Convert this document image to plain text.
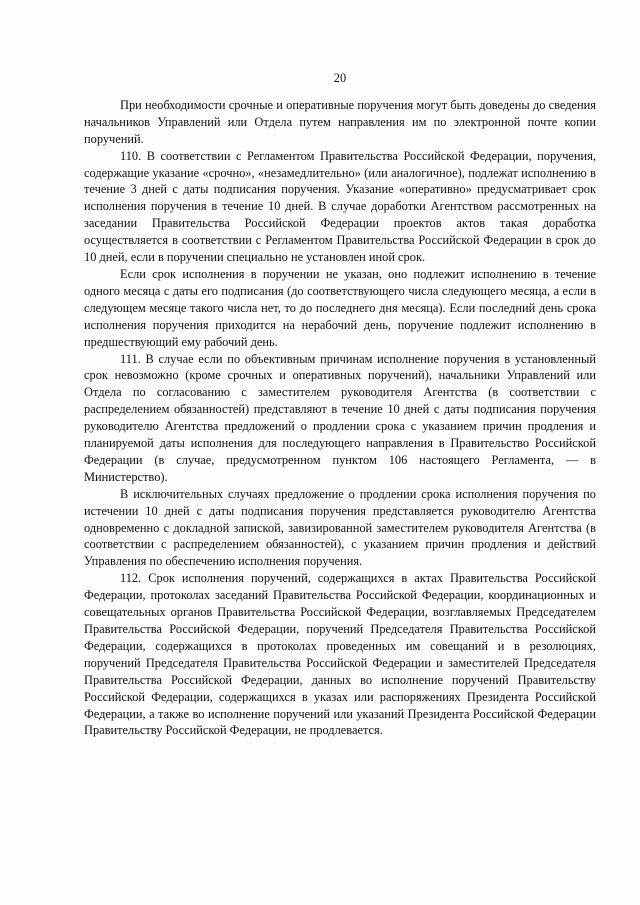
20

При необходимости срочные и оперативные поручения могут быть доведены до сведения начальников Управлений или Отдела путем направления им по электронной почте копии поручений.

110. В соответствии с Регламентом Правительства Российской Федерации, поручения, содержащие указание «срочно», «незамедлительно» (или аналогичное), подлежат исполнению в течение 3 дней с даты подписания поручения. Указание «оперативно» предусматривает срок исполнения поручения в течение 10 дней. В случае доработки Агентством рассмотренных на заседании Правительства Российской Федерации проектов актов такая доработка осуществляется в соответствии с Регламентом Правительства Российской Федерации в срок до 10 дней, если в поручении специально не установлен иной срок.

Если срок исполнения в поручении не указан, оно подлежит исполнению в течение одного месяца с даты его подписания (до соответствующего числа следующего месяца, а если в следующем месяце такого числа нет, то до последнего дня месяца). Если последний день срока исполнения поручения приходится на нерабочий день, поручение подлежит исполнению в предшествующий ему рабочий день.

111. В случае если по объективным причинам исполнение поручения в установленный срок невозможно (кроме срочных и оперативных поручений), начальники Управлений или Отдела по согласованию с заместителем руководителя Агентства (в соответствии с распределением обязанностей) представляют в течение 10 дней с даты подписания поручения руководителю Агентства предложений о продлении срока с указанием причин продления и планируемой даты исполнения для последующего направления в Правительство Российской Федерации (в случае, предусмотренном пунктом 106 настоящего Регламента, — в Министерство).

В исключительных случаях предложение о продлении срока исполнения поручения по истечении 10 дней с даты подписания поручения представляется руководителю Агентства одновременно с докладной запиской, завизированной заместителем руководителя Агентства (в соответствии с распределением обязанностей), с указанием причин продления и действий Управления по обеспечению исполнения поручения.

112. Срок исполнения поручений, содержащихся в актах Правительства Российской Федерации, протоколах заседаний Правительства Российской Федерации, координационных и совещательных органов Правительства Российской Федерации, возглавляемых Председателем Правительства Российской Федерации, поручений Председателя Правительства Российской Федерации, содержащихся в протоколах проведенных им совещаний и в резолюциях, поручений Председателя Правительства Российской Федерации и заместителей Председателя Правительства Российской Федерации, данных во исполнение поручений Правительству Российской Федерации, содержащихся в указах или распоряжениях Президента Российской Федерации, а также во исполнение поручений или указаний Президента Российской Федерации Правительству Российской Федерации, не продлевается.
